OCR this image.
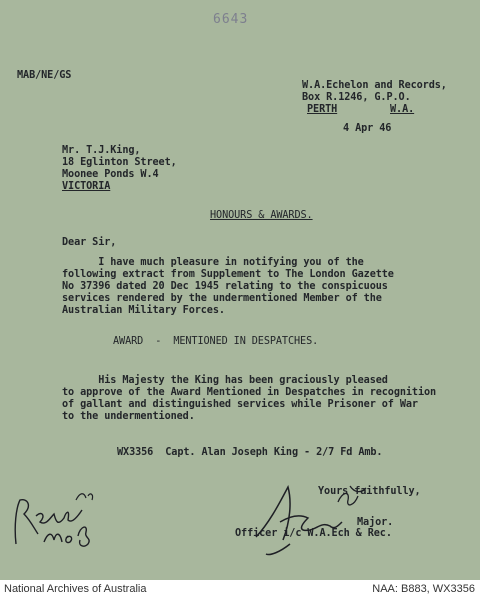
6643
MAB/NE/GS
W.A.Echelon and Records,
Box R.1246, G.P.O.
PERTH	W.A.
4 Apr 46
Mr. T.J.King,
18 Eglinton Street,
Moonee Ponds W.4
VICTORIA
HONOURS & AWARDS.
Dear Sir,
I have much pleasure in notifying you of the
following extract from Supplement to The London Gazette
No 37396 dated 20 Dec 1945 relating to the conspicuous
services rendered by the undermentioned Member of the
Australian Military Forces.
AWARD  -  MENTIONED IN DESPATCHES.
His Majesty the King has been graciously pleased
to approve of the Award Mentioned in Despatches in recognition
of gallant and distinguished services while Prisoner of War
to the undermentioned.
WX3356  Capt. Alan Joseph King - 2/7 Fd Amb.
Yours faithfully,
Major.
Officer i/c W.A.Ech & Rec.
National Archives of Australia	NAA: B883, WX3356
